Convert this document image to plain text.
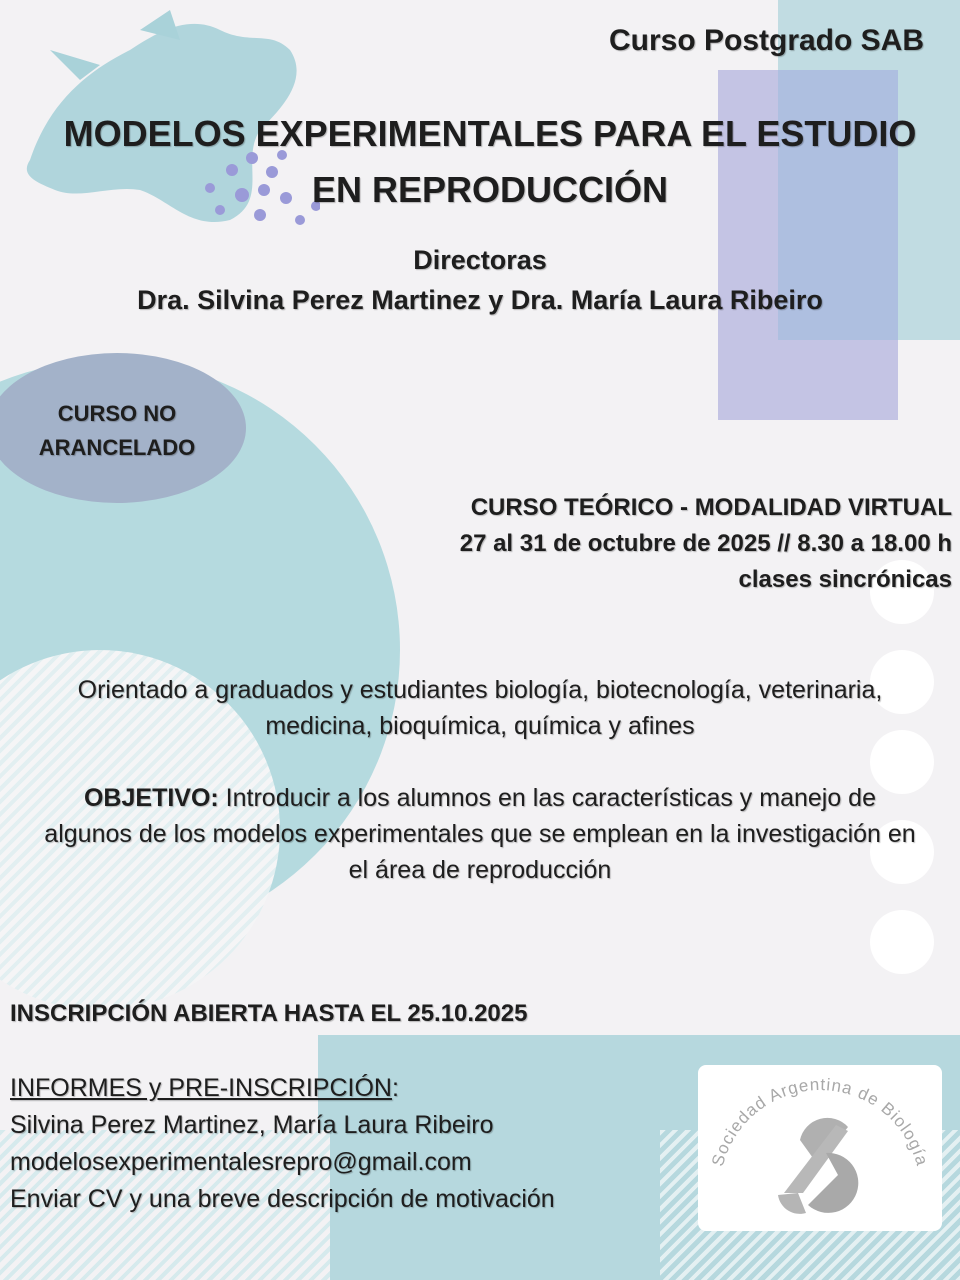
Curso Postgrado SAB
MODELOS EXPERIMENTALES PARA EL ESTUDIO
EN REPRODUCCIÓN
Directoras
Dra. Silvina Perez Martinez y Dra. María Laura Ribeiro
CURSO NO
ARANCELADO
CURSO TEÓRICO - MODALIDAD VIRTUAL
27 al 31 de octubre de 2025 // 8.30 a 18.00 h
clases sincrónicas
Orientado a graduados y estudiantes biología, biotecnología, veterinaria,
medicina, bioquímica, química y afines
OBJETIVO: Introducir a los alumnos en las características y manejo de algunos de los modelos experimentales que se emplean en la investigación en el área de reproducción
INSCRIPCIÓN ABIERTA HASTA EL 25.10.2025
INFORMES y PRE-INSCRIPCIÓN:
Silvina Perez Martinez, María Laura Ribeiro
modelosexperimentalesrepro@gmail.com
Enviar CV y una breve descripción de motivación
Sociedad Argentina de Biología
